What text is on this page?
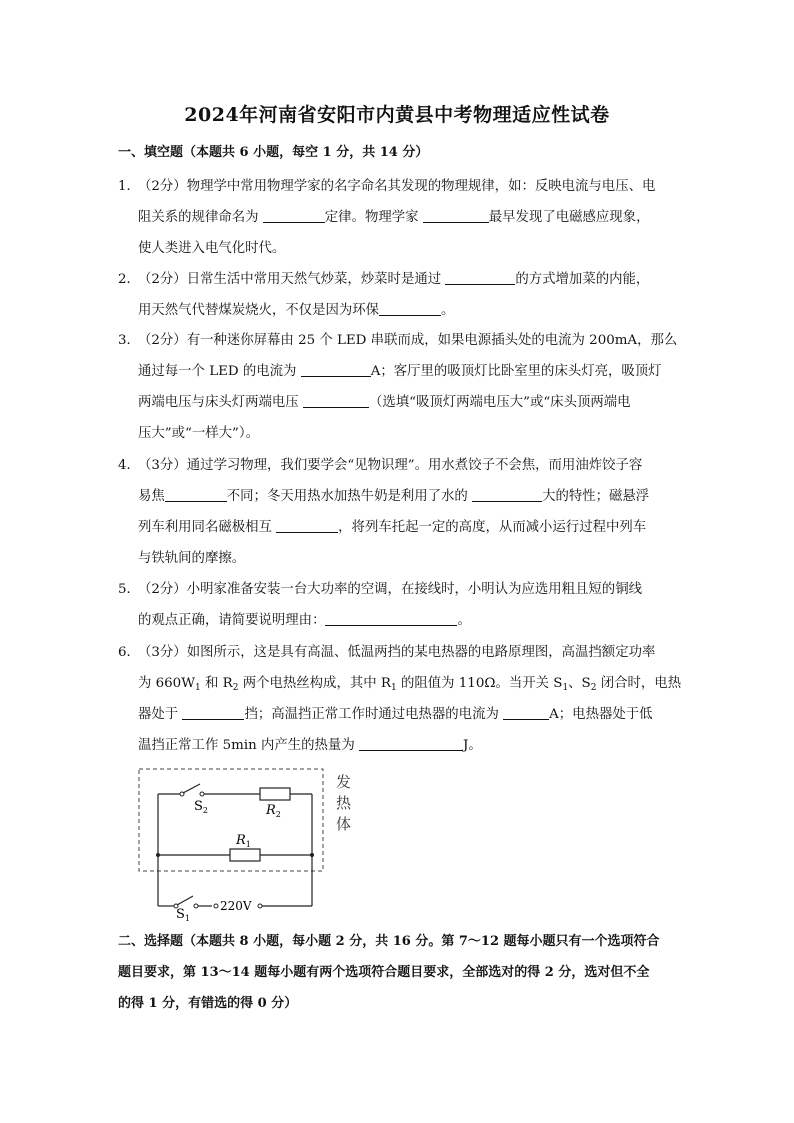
2024年河南省安阳市内黄县中考物理适应性试卷
一、填空题（本题共 6 小题，每空 1 分，共 14 分）
1．
（2分）物理学中常用物理学家的名字命名其发现的物理规律，如：反映电流与电压、电
阻关系的规律命名为	定律。物理学家	最早发现了电磁感应现象，
使人类进入电气化时代。
2．
（2分）日常生活中常用天然气炒菜，炒菜时是通过	的方式增加菜的内能，
用天然气代替煤炭烧火，不仅是因为环保	。
3．
（2分）有一种迷你屏幕由 25 个 LED 串联而成，如果电源插头处的电流为 200mA，那么
通过每一个 LED 的电流为	A；客厅里的吸顶灯比卧室里的床头灯亮，吸顶灯
两端电压与床头灯两端电压	（选填“吸顶灯两端电压大”或“床头顶两端电
压大”或“一样大”）。
4．
（3分）通过学习物理，我们要学会“见物识理”。用水煮饺子不会焦，而用油炸饺子容
易焦	不同；冬天用热水加热牛奶是利用了水的	大的特性；磁悬浮
列车利用同名磁极相互	，将列车托起一定的高度，从而减小运行过程中列车
与铁轨间的摩擦。
5．
（2分）小明家准备安装一台大功率的空调，在接线时，小明认为应选用粗且短的铜线
的观点正确，请简要说明理由：	。
6．
（3分）如图所示，这是具有高温、低温两挡的某电热器的电路原理图，高温挡额定功率
为 $660W_1$ 和 $R_2$ 两个电热丝构成，其中 $R_1$ 的阻值为 110Ω。当开关 $S_1$、$S_2$ 闭合时，电热
器处于	挡；高温挡正常工作时通过电热器的电流为	A；电热器处于低
温挡正常工作 5min 内产生的热量为	J。
$S_2$	$R_2$
$R_1$
$S_1$
220V
发
热
体
二、选择题（本题共 8 小题，每小题 2 分，共 16 分。第 7～12 题每小题只有一个选项符合
题目要求，第 13～14 题每小题有两个选项符合题目要求，全部选对的得 2 分，选对但不全
的得 1 分，有错选的得 0 分）
